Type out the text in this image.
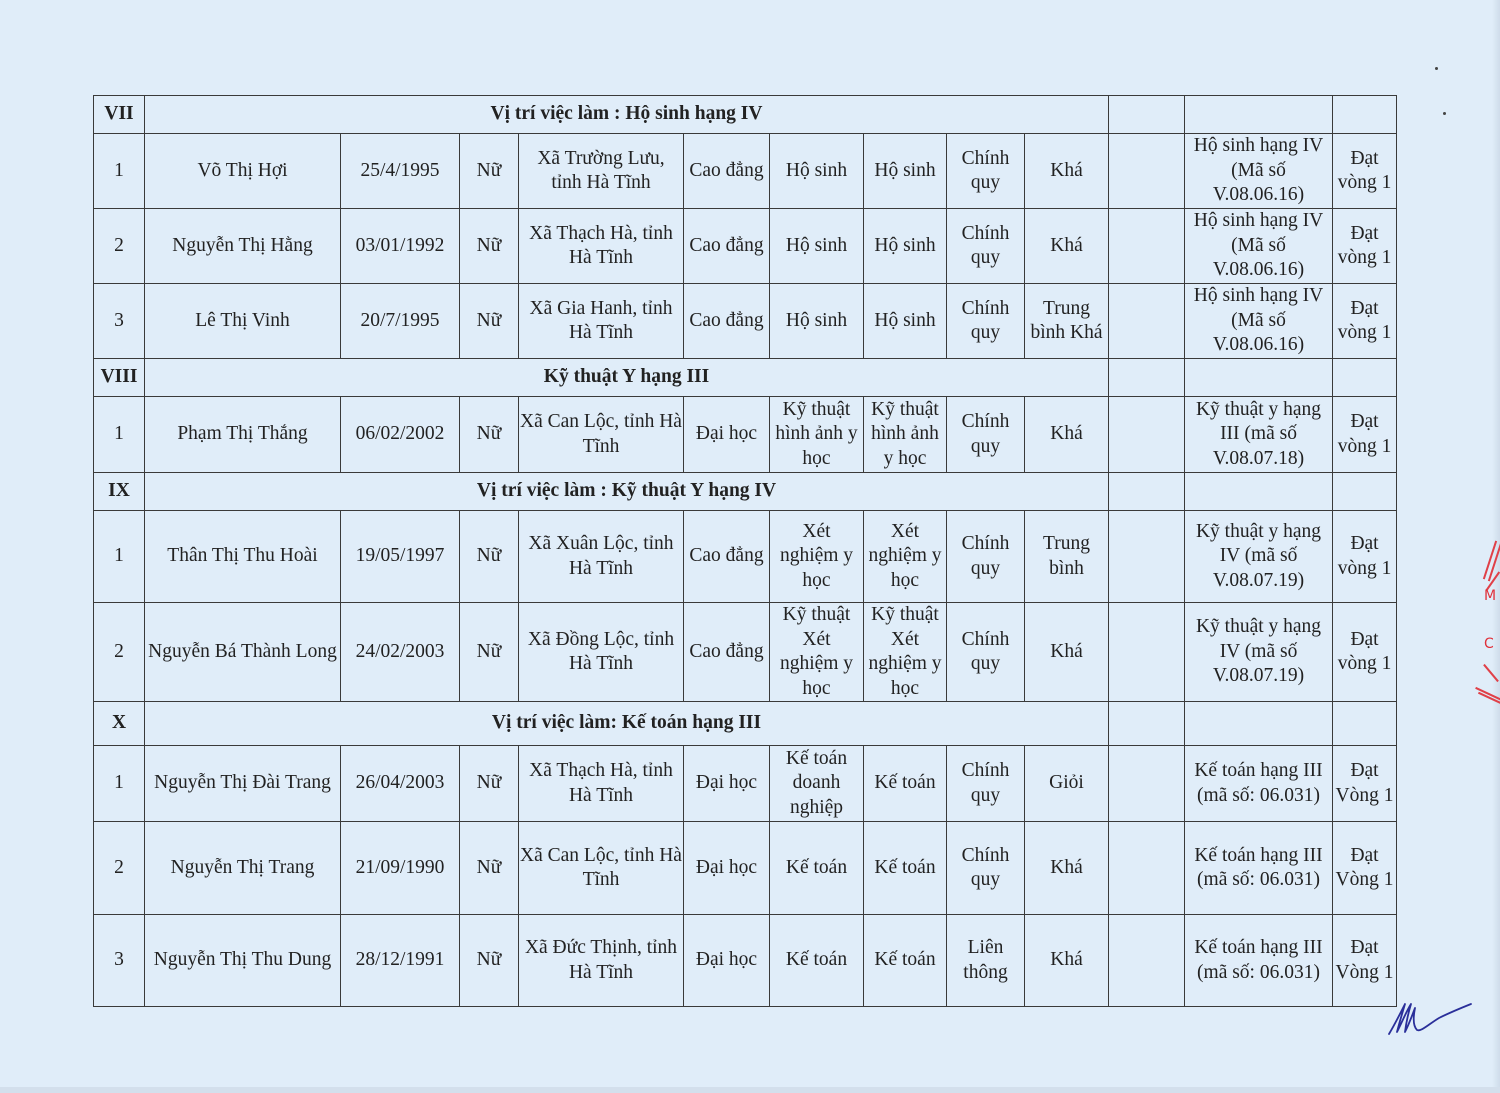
VII	Vị trí việc làm : Hộ sinh hạng IV											
1	Võ Thị Hợi	25/4/1995	Nữ	Xã Trường Lưu, tỉnh Hà Tĩnh	Cao đẳng	Hộ sinh	Hộ sinh	Chính quy	Khá		Hộ sinh hạng IV (Mã số V.08.06.16)	Đạt vòng 1
2	Nguyễn Thị Hằng	03/01/1992	Nữ	Xã Thạch Hà, tỉnh Hà Tĩnh	Cao đẳng	Hộ sinh	Hộ sinh	Chính quy	Khá		Hộ sinh hạng IV (Mã số V.08.06.16)	Đạt vòng 1
3	Lê Thị Vinh	20/7/1995	Nữ	Xã Gia Hanh, tỉnh Hà Tĩnh	Cao đẳng	Hộ sinh	Hộ sinh	Chính quy	Trung bình Khá		Hộ sinh hạng IV (Mã số V.08.06.16)	Đạt vòng 1
VIII	Kỹ thuật Y hạng III											
1	Phạm Thị Thắng	06/02/2002	Nữ	Xã Can Lộc, tỉnh Hà Tĩnh	Đại học	Kỹ thuật hình ảnh y học	Kỹ thuật hình ảnh y học	Chính quy	Khá		Kỹ thuật y hạng III (mã số V.08.07.18)	Đạt vòng 1
IX	Vị trí việc làm : Kỹ thuật Y hạng IV											
1	Thân Thị Thu Hoài	19/05/1997	Nữ	Xã Xuân Lộc, tỉnh Hà Tĩnh	Cao đẳng	Xét nghiệm y học	Xét nghiệm y học	Chính quy	Trung bình		Kỹ thuật y hạng IV (mã số V.08.07.19)	Đạt vòng 1
2	Nguyễn Bá Thành Long	24/02/2003	Nữ	Xã Đồng Lộc, tỉnh Hà Tĩnh	Cao đẳng	Kỹ thuật Xét nghiệm y học	Kỹ thuật Xét nghiệm y học	Chính quy	Khá		Kỹ thuật y hạng IV (mã số V.08.07.19)	Đạt vòng 1
X	Vị trí việc làm: Kế toán hạng III											
1	Nguyễn Thị Đài Trang	26/04/2003	Nữ	Xã Thạch Hà, tỉnh Hà Tĩnh	Đại học	Kế toán doanh nghiệp	Kế toán	Chính quy	Giỏi		Kế toán hạng III (mã số: 06.031)	Đạt Vòng 1
2	Nguyễn Thị Trang	21/09/1990	Nữ	Xã Can Lộc, tỉnh Hà Tĩnh	Đại học	Kế toán	Kế toán	Chính quy	Khá		Kế toán hạng III (mã số: 06.031)	Đạt Vòng 1
3	Nguyễn Thị Thu Dung	28/12/1991	Nữ	Xã Đức Thịnh, tỉnh Hà Tĩnh	Đại học	Kế toán	Kế toán	Liên thông	Khá		Kế toán hạng III (mã số: 06.031)	Đạt Vòng 1
M
C
